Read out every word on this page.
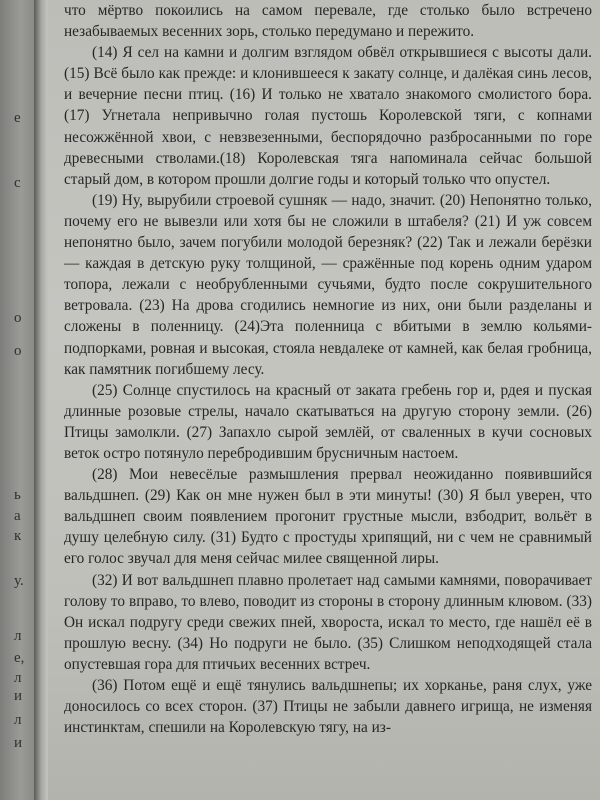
е
с
о
о
ь
а
к
у.
л
е,
л
и
л
и

что мёртво покоились на самом перевале, где столько было встречено незабываемых весенних зорь, столько передумано и пережито.

(14) Я сел на камни и долгим взглядом обвёл открывшиеся с высоты дали. (15) Всё было как прежде: и клонившееся к закату солнце, и далёкая синь лесов, и вечерние песни птиц. (16) И только не хватало знакомого смолистого бора. (17) Угнетала непривычно голая пустошь Королевской тяги, с копнами несожжённой хвои, с невзвезенными, беспорядочно разбросанными по горе древесными стволами.(18) Королевская тяга напоминала сейчас большой старый дом, в котором прошли долгие годы и который только что опустел.

(19) Ну, вырубили строевой сушняк — надо, значит. (20) Непонятно только, почему его не вывезли или хотя бы не сложили в штабеля? (21) И уж совсем непонятно было, зачем погубили молодой березняк? (22) Так и лежали берёзки — каждая в детскую руку толщиной, — сражённые под корень одним ударом топора, лежали с необрубленными сучьями, будто после сокрушительного ветровала. (23) На дрова сгодились немногие из них, они были разделаны и сложены в поленницу. (24)Эта поленница с вбитыми в землю кольями-подпорками, ровная и высокая, стояла невдалеке от камней, как белая гробница, как памятник погибшему лесу.

(25) Солнце спустилось на красный от заката гребень гор и, рдея и пуская длинные розовые стрелы, начало скатываться на другую сторону земли. (26) Птицы замолкли. (27) Запахло сырой землёй, от сваленных в кучи сосновых веток остро потянуло перебродившим брусничным настоем.

(28) Мои невесёлые размышления прервал неожиданно появившийся вальдшнеп. (29) Как он мне нужен был в эти минуты! (30) Я был уверен, что вальдшнеп своим появлением прогонит грустные мысли, взбодрит, вольёт в душу целебную силу. (31) Будто с простуды хрипящий, ни с чем не сравнимый его голос звучал для меня сейчас милее священной лиры.

(32) И вот вальдшнеп плавно пролетает над самыми камнями, поворачивает голову то вправо, то влево, поводит из стороны в сторону длинным клювом. (33) Он искал подругу среди свежих пней, хворостa, искал то место, где нашёл её в прошлую весну. (34) Но подруги не было. (35) Слишком неподходящей стала опустевшая гора для птичьих весенних встреч.

(36) Потом ещё и ещё тянулись вальдшнепы; их хорканье, раня слух, уже доносилось со всех сторон. (37) Птицы не забыли давнего игрища, не изменяя инстинктам, спешили на Королевскую тягу, на из-
